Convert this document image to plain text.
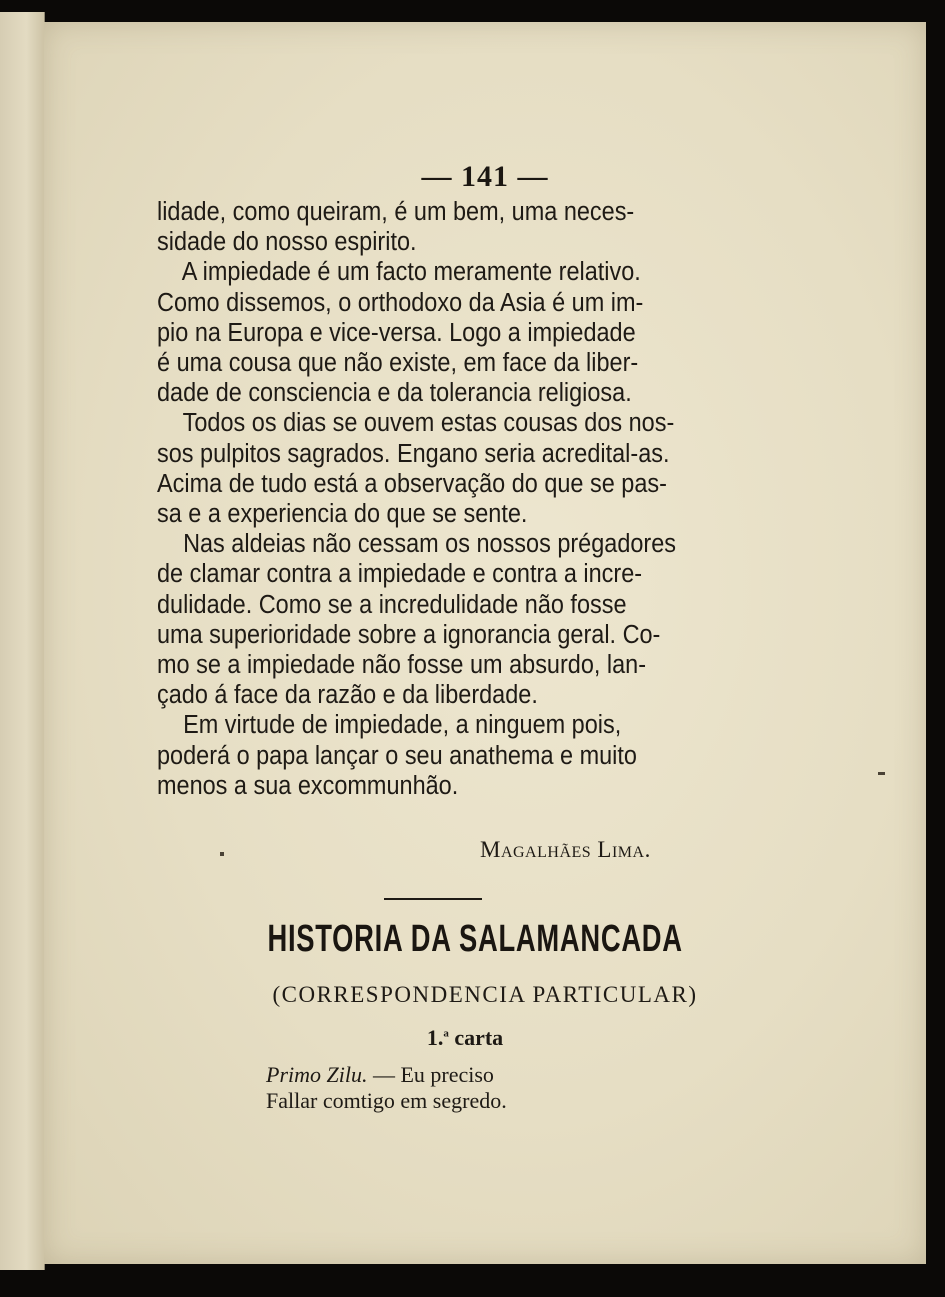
— 141 —
lidade, como queiram, é um bem, uma neces-
sidade do nosso espirito.
A impiedade é um facto meramente relativo.
Como dissemos, o orthodoxo da Asia é um im-
pio na Europa e vice-versa. Logo a impiedade
é uma cousa que não existe, em face da liber-
dade de consciencia e da tolerancia religiosa.
Todos os dias se ouvem estas cousas dos nos-
sos pulpitos sagrados. Engano seria acredital-as.
Acima de tudo está a observação do que se pas-
sa e a experiencia do que se sente.
Nas aldeias não cessam os nossos prégadores
de clamar contra a impiedade e contra a incre-
dulidade. Como se a incredulidade não fosse
uma superioridade sobre a ignorancia geral. Co-
mo se a impiedade não fosse um absurdo, lan-
çado á face da razão e da liberdade.
Em virtude de impiedade, a ninguem pois,
poderá o papa lançar o seu anathema e muito
menos a sua excommunhão.
Magalhães Lima.
HISTORIA DA SALAMANCADA
(CORRESPONDENCIA PARTICULAR)
1.$^a$ carta
Primo Zilu. — Eu preciso
Fallar comtigo em segredo.
